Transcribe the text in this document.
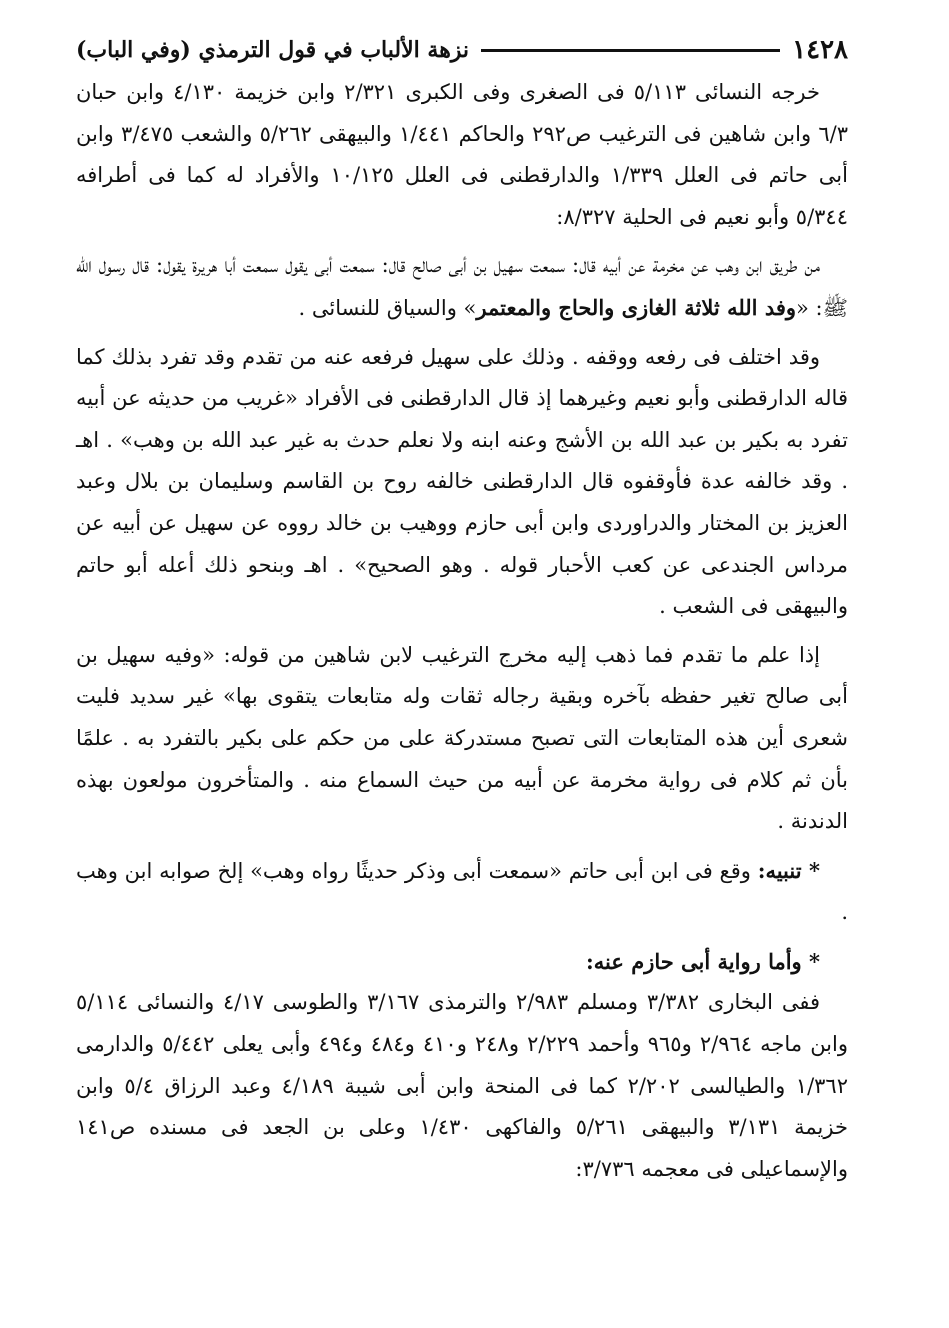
١٤٢٨
نزهة الألباب في قول الترمذي (وفي الباب)

خرجه النسائى ٥/١١٣ فى الصغرى وفى الكبرى ٢/٣٢١ وابن خزيمة ٤/١٣٠ وابن حبان ٦/٣ وابن شاهين فى الترغيب ص٢٩٢ والحاكم ١/٤٤١ والبيهقى ٥/٢٦٢ والشعب ٣/٤٧٥ وابن أبى حاتم فى العلل ١/٣٣٩ والدارقطنى فى العلل ١٠/١٢٥ والأفراد له كما فى أطرافه ٥/٣٤٤ وأبو نعيم فى الحلية ٨/٣٢٧:

من طريق ابن وهب عن مخرمة عن أبيه قال: سمعت سهيل بن أبى صالح قال: سمعت أبى يقول سمعت أبا هريرة يقول: قال رسول الله ﷺ: «وفد الله ثلاثة الغازى والحاج والمعتمر» والسياق للنسائى .

وقد اختلف فى رفعه ووقفه . وذلك على سهيل فرفعه عنه من تقدم وقد تفرد بذلك كما قاله الدارقطنى وأبو نعيم وغيرهما إذ قال الدارقطنى فى الأفراد «غريب من حديثه عن أبيه تفرد به بكير بن عبد الله بن الأشج وعنه ابنه ولا نعلم حدث به غير عبد الله بن وهب» . اهـ . وقد خالفه عدة فأوقفوه قال الدارقطنى خالفه روح بن القاسم وسليمان بن بلال وعبد العزيز بن المختار والدراوردى وابن أبى حازم ووهيب بن خالد رووه عن سهيل عن أبيه عن مرداس الجندعى عن كعب الأحبار قوله . وهو الصحيح» . اهـ وبنحو ذلك أعله أبو حاتم والبيهقى فى الشعب .

إذا علم ما تقدم فما ذهب إليه مخرج الترغيب لابن شاهين من قوله: «وفيه سهيل بن أبى صالح تغير حفظه بآخره وبقية رجاله ثقات وله متابعات يتقوى بها» غير سديد فليت شعرى أين هذه المتابعات التى تصبح مستدركة على من حكم على بكير بالتفرد به . علمًا بأن ثم كلام فى رواية مخرمة عن أبيه من حيث السماع منه . والمتأخرون مولعون بهذه الدندنة .

* تنبيه: وقع فى ابن أبى حاتم «سمعت أبى وذكر حديثًا رواه وهب» إلخ صوابه ابن وهب .

* وأما رواية أبى حازم عنه:

ففى البخارى ٣/٣٨٢ ومسلم ٢/٩٨٣ والترمذى ٣/١٦٧ والطوسى ٤/١٧ والنسائى ٥/١١٤ وابن ماجه ٢/٩٦٤ و٩٦٥ وأحمد ٢/٢٢٩ و٢٤٨ و٤١٠ و٤٨٤ و٤٩٤ وأبى يعلى ٥/٤٤٢ والدارمى ١/٣٦٢ والطيالسى ٢/٢٠٢ كما فى المنحة وابن أبى شيبة ٤/١٨٩ وعبد الرزاق ٥/٤ وابن خزيمة ٣/١٣١ والبيهقى ٥/٢٦١ والفاكهى ١/٤٣٠ وعلى بن الجعد فى مسنده ص١٤١ والإسماعيلى فى معجمه ٣/٧٣٦:
